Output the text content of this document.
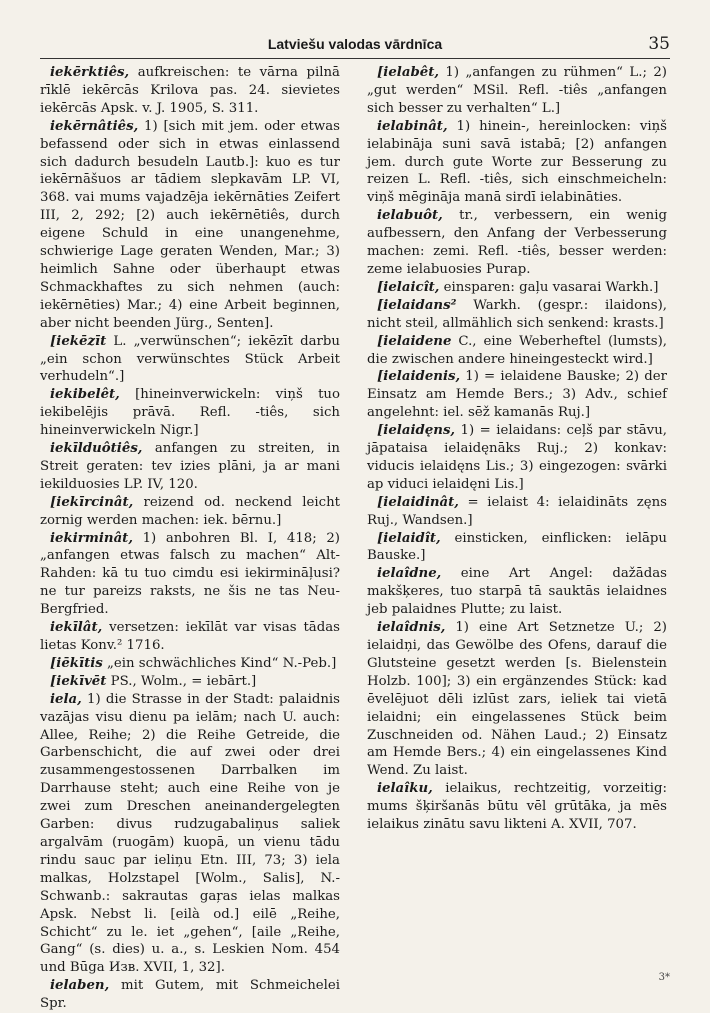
Latviešu valodas vārdnīca	35

iekērktiês, aufkreischen: te vārna pilnā rīklē iekērcās Krilova pas. 24. sievietes iekērcās Apsk. v. J. 1905, S. 311.

iekērnâtiês, 1) [sich mit jem. oder etwas befassend oder sich in etwas einlassend sich dadurch besudeln Lautb.]: kuo es tur iekērnāšuos ar tādiem slepkavām LP. VI, 368. vai mums vajadzēja iekērnāties Zeifert III, 2, 292; [2) auch iekērnētiês, durch eigene Schuld in eine unangenehme, schwierige Lage geraten Wenden, Mar.; 3) heimlich Sahne oder überhaupt etwas Schmackhaftes zu sich nehmen (auch: iekērnēties) Mar.; 4) eine Arbeit beginnen, aber nicht beenden Jürg., Senten].

[iekēzīt L. „verwünschen“; iekēzīt darbu „ein schon verwünschtes Stück Arbeit verhudeln“.]

iekibelêt, [hineinverwickeln: viņš tuo iekibelējis prāvā. Refl. -tiês, sich hineinverwickeln Nigr.]

iekīlduôtiês, anfangen zu streiten, in Streit geraten: tev izies plāni, ja ar mani iekilduosies LP. IV, 120.

[iekīrcinât, reizend od. neckend leicht zornig werden machen: iek. bērnu.]

iekirminât, 1) anbohren Bl. I, 418; 2) „anfangen etwas falsch zu machen“ Alt-Rahden: kā tu tuo cimdu esi iekirmināļusi? ne tur pareizs raksts, ne šis ne tas Neu-Bergfried.

iekīlât, versetzen: iekīlāt var visas tādas lietas Konv.² 1716.

[iēkītis „ein schwächliches Kind“ N.-Peb.]

[iekīvēt PS., Wolm., = iebārt.]

iela, 1) die Strasse in der Stadt: palaidnis vazājas visu dienu pa ielām; nach U. auch: Allee, Reihe; 2) die Reihe Getreide, die Garbenschicht, die auf zwei oder drei zusammengestossenen Darrbalken im Darrhause steht; auch eine Reihe von je zwei zum Dreschen aneinandergelegten Garben: divus rudzugabaliņus saliek argalvām (ruogām) kuopā, un vienu tādu rindu sauc par ieliņu Etn. III, 73; 3) iela malkas, Holzstapel [Wolm., Salis], N.-Schwanb.: sakrautas gaŗas ielas malkas Apsk. Nebst li. [eilà od.] eilē „Reihe, Schicht“ zu le. iet „gehen“, [aile „Reihe, Gang“ (s. dies) u. a., s. Leskien Nom. 454 und Būga Изв. XVII, 1, 32].

ielaben, mit Gutem, mit Schmeichelei Spr.

[ielabêt, 1) „anfangen zu rühmen“ L.; 2) „gut werden“ MSil. Refl. -tiês „anfangen sich besser zu verhalten“ L.]

ielabinât, 1) hinein-, hereinlocken: viņš ielabināja suni savā istabā; [2) anfangen jem. durch gute Worte zur Besserung zu reizen L. Refl. -tiês, sich einschmeicheln: viņš mēgināja manā sirdī ielabināties.

ielabuôt, tr., verbessern, ein wenig aufbessern, den Anfang der Verbesserung machen: zemi. Refl. -tiês, besser werden: zeme ielabuosies Purap.

[ielaicît, einsparen: gaļu vasarai Warkh.]

[ielaidans² Warkh. (gespr.: ilaidons), nicht steil, allmählich sich senkend: krasts.]

[ielaidene C., eine Weberheftel (lumsts), die zwischen andere hineingesteckt wird.]

[ielaidenis, 1) = ielaidene Bauske; 2) der Einsatz am Hemde Bers.; 3) Adv., schief angelehnt: iel. sēž kamanās Ruj.]

[ielaidęns, 1) = ielaidans: ceļš par stāvu, jāpataisa ielaidęnāks Ruj.; 2) konkav: viducis ielaidęns Lis.; 3) eingezogen: svārki ap viduci ielaidęni Lis.]

[ielaidinât, = ielaist 4: ielaidināts zęns Ruj., Wandsen.]

[ielaidît, einsticken, einflicken: ielāpu Bauske.]

ielaîdne, eine Art Angel: dažādas makšķeres, tuo starpā tā sauktās ielaidnes jeb palaidnes Plutte; zu laist.

ielaîdnis, 1) eine Art Setznetze U.; 2) ielaidņi, das Gewölbe des Ofens, darauf die Glutsteine gesetzt werden [s. Bielenstein Holzb. 100]; 3) ein ergänzendes Stück: kad ēvelējuot dēli izlūst zars, ieliek tai vietā ielaidni; ein eingelassenes Stück beim Zuschneiden od. Nähen Laud.; 2) Einsatz am Hemde Bers.; 4) ein eingelassenes Kind Wend. Zu laist.

ielaîku, ielaikus, rechtzeitig, vorzeitig: mums šķiršanās būtu vēl grūtāka, ja mēs ielaikus zinātu savu likteni A. XVII, 707.

3*
